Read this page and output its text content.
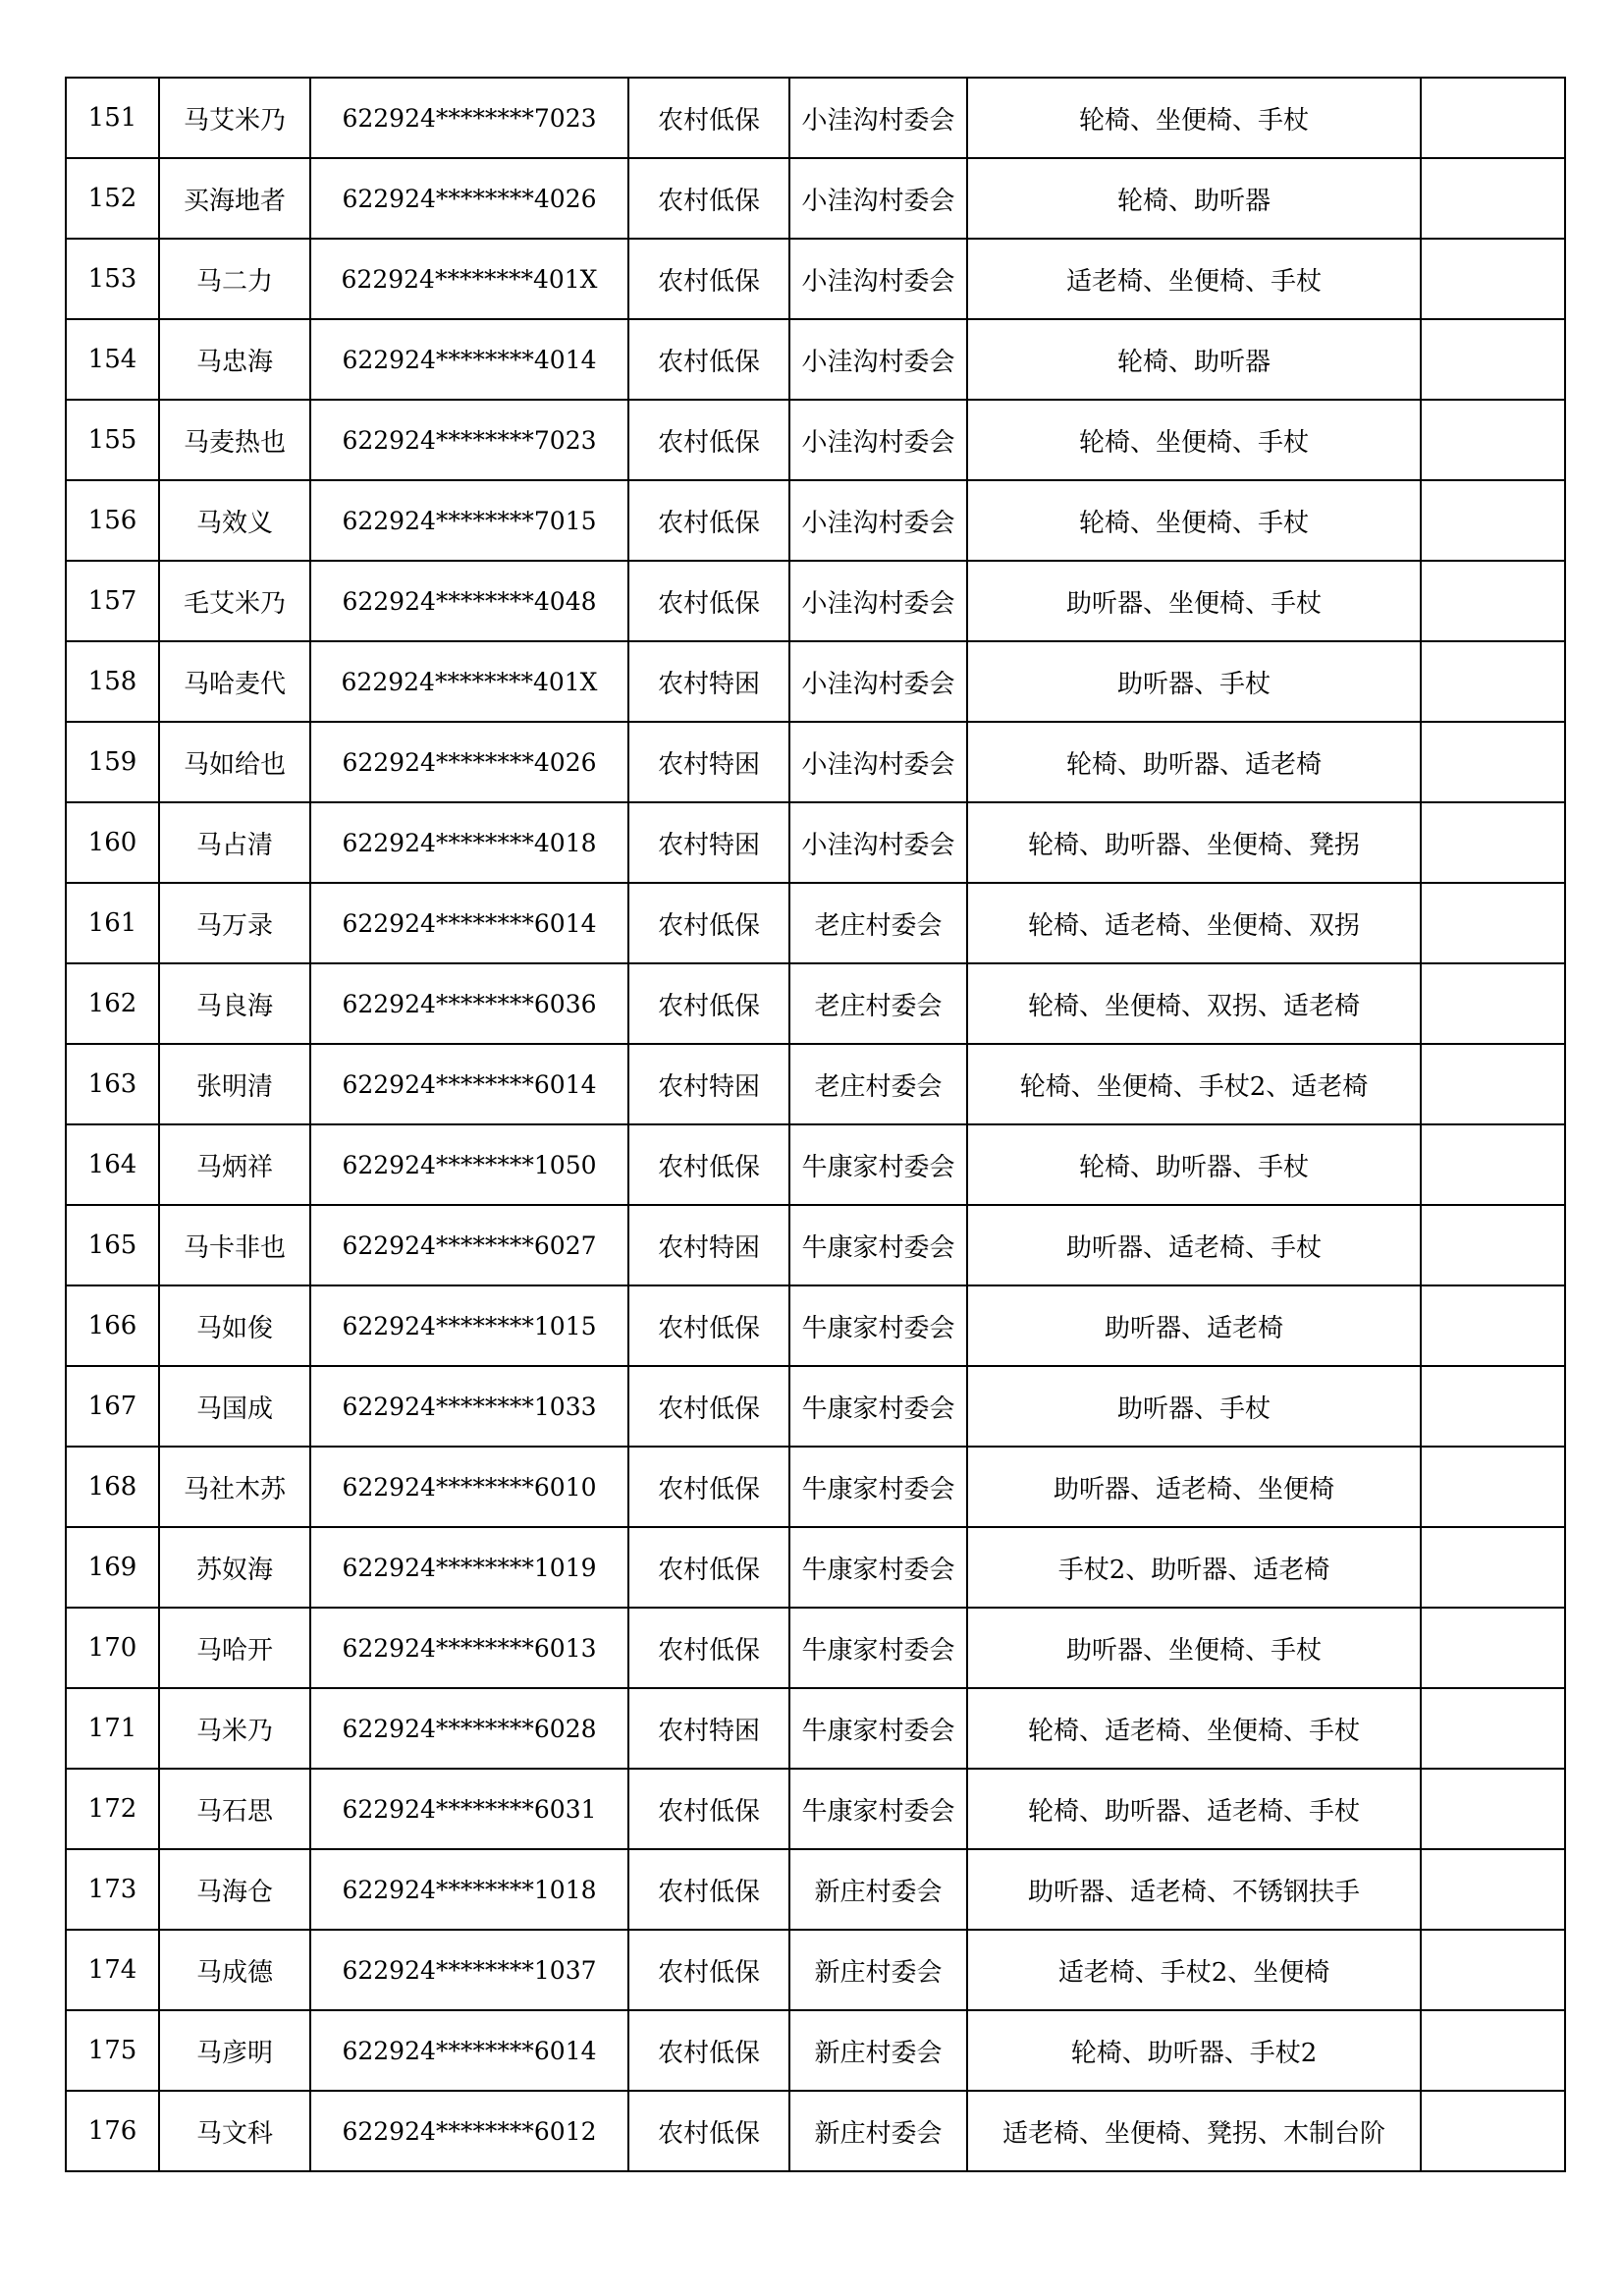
151	马艾米乃	622924********7023	农村低保	小洼沟村委会	轮椅、坐便椅、手杖	
152	买海地者	622924********4026	农村低保	小洼沟村委会	轮椅、助听器	
153	马二力	622924********401X	农村低保	小洼沟村委会	适老椅、坐便椅、手杖	
154	马忠海	622924********4014	农村低保	小洼沟村委会	轮椅、助听器	
155	马麦热也	622924********7023	农村低保	小洼沟村委会	轮椅、坐便椅、手杖	
156	马效义	622924********7015	农村低保	小洼沟村委会	轮椅、坐便椅、手杖	
157	毛艾米乃	622924********4048	农村低保	小洼沟村委会	助听器、坐便椅、手杖	
158	马哈麦代	622924********401X	农村特困	小洼沟村委会	助听器、手杖	
159	马如给也	622924********4026	农村特困	小洼沟村委会	轮椅、助听器、适老椅	
160	马占清	622924********4018	农村特困	小洼沟村委会	轮椅、助听器、坐便椅、凳拐	
161	马万录	622924********6014	农村低保	老庄村委会	轮椅、适老椅、坐便椅、双拐	
162	马良海	622924********6036	农村低保	老庄村委会	轮椅、坐便椅、双拐、适老椅	
163	张明清	622924********6014	农村特困	老庄村委会	轮椅、坐便椅、手杖2、适老椅	
164	马炳祥	622924********1050	农村低保	牛康家村委会	轮椅、助听器、手杖	
165	马卡非也	622924********6027	农村特困	牛康家村委会	助听器、适老椅、手杖	
166	马如俊	622924********1015	农村低保	牛康家村委会	助听器、适老椅	
167	马国成	622924********1033	农村低保	牛康家村委会	助听器、手杖	
168	马社木苏	622924********6010	农村低保	牛康家村委会	助听器、适老椅、坐便椅	
169	苏奴海	622924********1019	农村低保	牛康家村委会	手杖2、助听器、适老椅	
170	马哈开	622924********6013	农村低保	牛康家村委会	助听器、坐便椅、手杖	
171	马米乃	622924********6028	农村特困	牛康家村委会	轮椅、适老椅、坐便椅、手杖	
172	马石思	622924********6031	农村低保	牛康家村委会	轮椅、助听器、适老椅、手杖	
173	马海仓	622924********1018	农村低保	新庄村委会	助听器、适老椅、不锈钢扶手	
174	马成德	622924********1037	农村低保	新庄村委会	适老椅、手杖2、坐便椅	
175	马彦明	622924********6014	农村低保	新庄村委会	轮椅、助听器、手杖2	
176	马文科	622924********6012	农村低保	新庄村委会	适老椅、坐便椅、凳拐、木制台阶	
